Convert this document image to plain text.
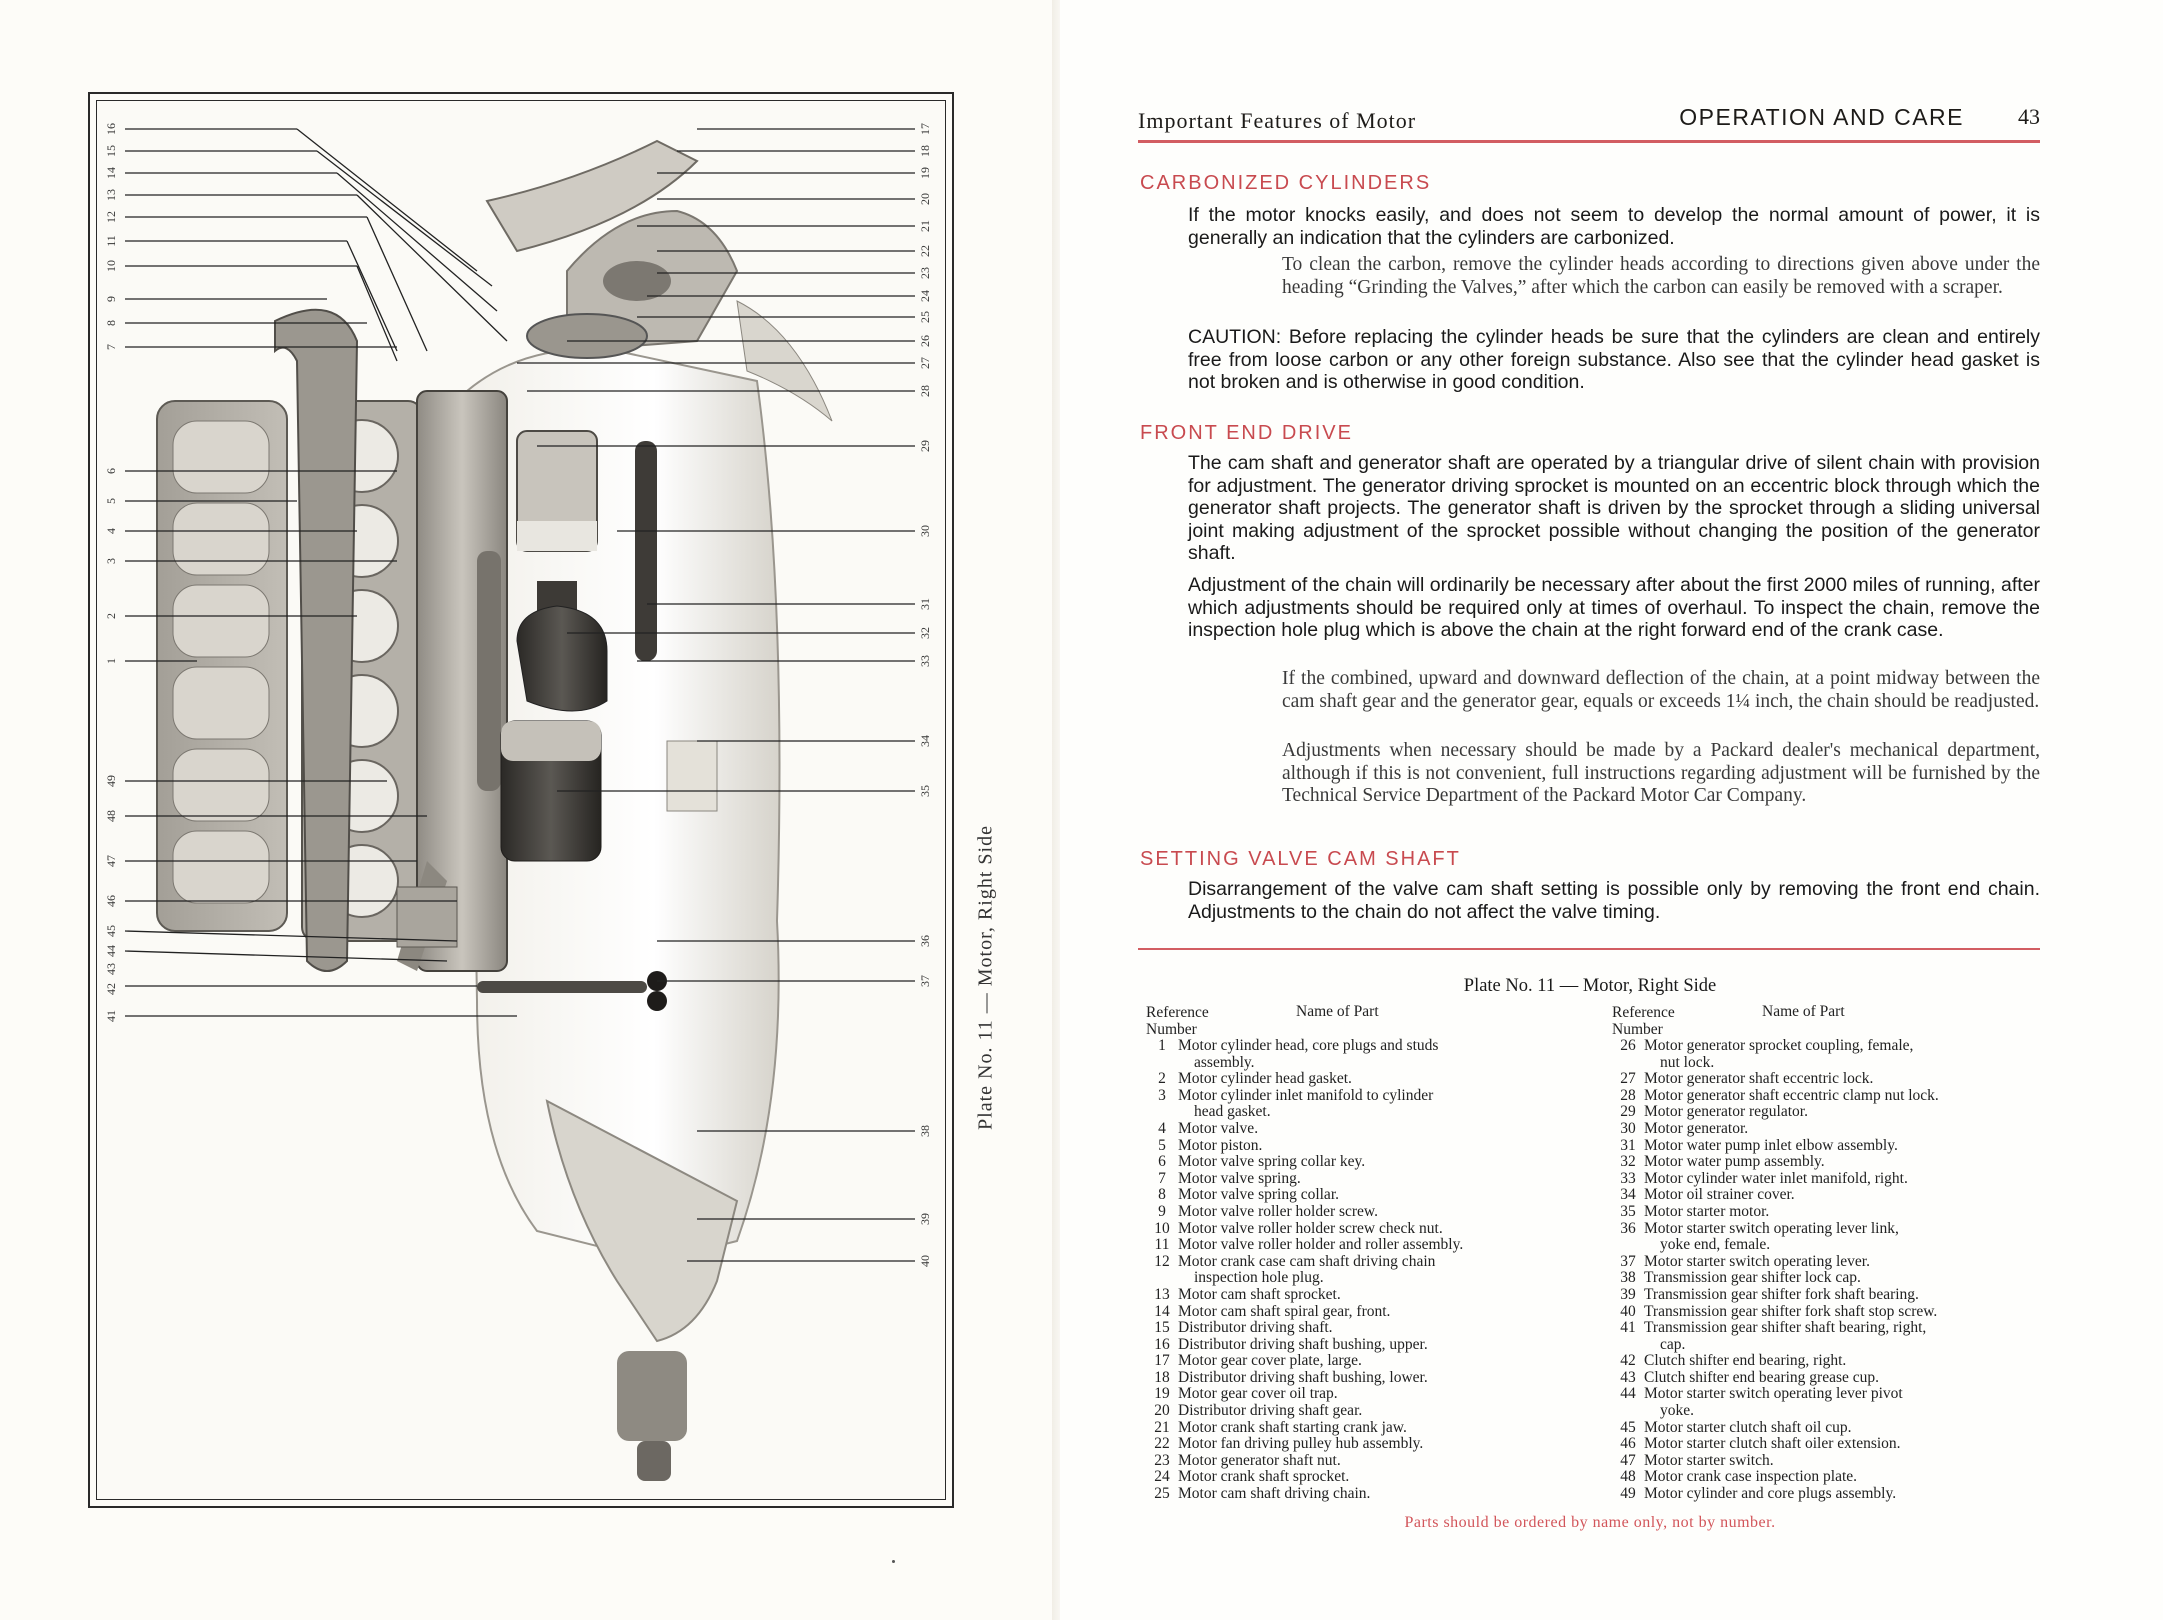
16
15
14
13
12
11
10
9
8
7
6
5
4
3
2
1
49
48
47
46
45
44
43
42
41
17
18
19
20
21
22
23
24
25
26
27
28
29
30
31
32
33
34
35
36
37
38
39
40
Plate No. 11 — Motor, Right Side
Important Features of Motor	OPERATION AND CARE 43
CARBONIZED CYLINDERS
If the motor knocks easily, and does not seem to develop the normal amount of power, it is generally an indication that the cylinders are carbonized.
To clean the carbon, remove the cylinder heads according to directions given above under the heading “Grinding the Valves,” after which the carbon can easily be removed with a scraper.
CAUTION: Before replacing the cylinder heads be sure that the cylinders are clean and entirely free from loose carbon or any other foreign substance. Also see that the cylinder head gasket is not broken and is otherwise in good condition.
FRONT END DRIVE
The cam shaft and generator shaft are operated by a triangular drive of silent chain with provision for adjustment. The generator driving sprocket is mounted on an eccentric block through which the generator shaft projects. The generator shaft is driven by the sprocket through a sliding universal joint making adjustment of the sprocket possible without changing the position of the generator shaft.
Adjustment of the chain will ordinarily be necessary after about the first 2000 miles of running, after which adjustments should be required only at times of overhaul. To inspect the chain, remove the inspection hole plug which is above the chain at the right forward end of the crank case.
If the combined, upward and downward deflection of the chain, at a point midway between the cam shaft gear and the generator gear, equals or exceeds 1¼ inch, the chain should be readjusted.
Adjustments when necessary should be made by a Packard dealer's mechanical department, although if this is not convenient, full instructions regarding adjustment will be furnished by the Technical Service Department of the Packard Motor Car Company.
SETTING VALVE CAM SHAFT
Disarrangement of the valve cam shaft setting is possible only by removing the front end chain. Adjustments to the chain do not affect the valve timing.
Plate No. 11 — Motor, Right Side
Reference Number
Name of Part
1 Motor cylinder head, core plugs and studs
assembly.
2 Motor cylinder head gasket.
3 Motor cylinder inlet manifold to cylinder
head gasket.
4 Motor valve.
5 Motor piston.
6 Motor valve spring collar key.
7 Motor valve spring.
8 Motor valve spring collar.
9 Motor valve roller holder screw.
10 Motor valve roller holder screw check nut.
11 Motor valve roller holder and roller assembly.
12 Motor crank case cam shaft driving chain
inspection hole plug.
13 Motor cam shaft sprocket.
14 Motor cam shaft spiral gear, front.
15 Distributor driving shaft.
16 Distributor driving shaft bushing, upper.
17 Motor gear cover plate, large.
18 Distributor driving shaft bushing, lower.
19 Motor gear cover oil trap.
20 Distributor driving shaft gear.
21 Motor crank shaft starting crank jaw.
22 Motor fan driving pulley hub assembly.
23 Motor generator shaft nut.
24 Motor crank shaft sprocket.
25 Motor cam shaft driving chain.
Reference Number
Name of Part
26 Motor generator sprocket coupling, female,
nut lock.
27 Motor generator shaft eccentric lock.
28 Motor generator shaft eccentric clamp nut lock.
29 Motor generator regulator.
30 Motor generator.
31 Motor water pump inlet elbow assembly.
32 Motor water pump assembly.
33 Motor cylinder water inlet manifold, right.
34 Motor oil strainer cover.
35 Motor starter motor.
36 Motor starter switch operating lever link,
yoke end, female.
37 Motor starter switch operating lever.
38 Transmission gear shifter lock cap.
39 Transmission gear shifter fork shaft bearing.
40 Transmission gear shifter fork shaft stop screw.
41 Transmission gear shifter shaft bearing, right,
cap.
42 Clutch shifter end bearing, right.
43 Clutch shifter end bearing grease cup.
44 Motor starter switch operating lever pivot
yoke.
45 Motor starter clutch shaft oil cup.
46 Motor starter clutch shaft oiler extension.
47 Motor starter switch.
48 Motor crank case inspection plate.
49 Motor cylinder and core plugs assembly.
Parts should be ordered by name only, not by number.
